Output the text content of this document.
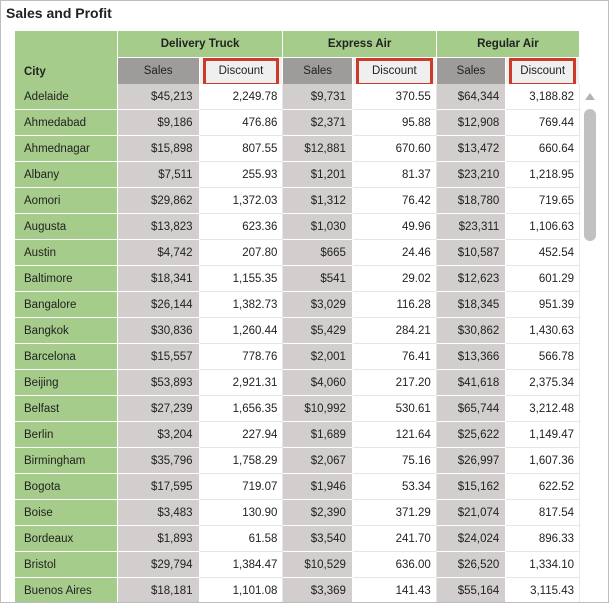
Sales and Profit
City	Delivery Truck		Express Air		Regular Air	
	Sales	Discount	Sales	Discount	Sales	Discount
Adelaide	$45,213	2,249.78	$9,731	370.55	$64,344	3,188.82
Ahmedabad	$9,186	476.86	$2,371	95.88	$12,908	769.44
Ahmednagar	$15,898	807.55	$12,881	670.60	$13,472	660.64
Albany	$7,511	255.93	$1,201	81.37	$23,210	1,218.95
Aomori	$29,862	1,372.03	$1,312	76.42	$18,780	719.65
Augusta	$13,823	623.36	$1,030	49.96	$23,311	1,106.63
Austin	$4,742	207.80	$665	24.46	$10,587	452.54
Baltimore	$18,341	1,155.35	$541	29.02	$12,623	601.29
Bangalore	$26,144	1,382.73	$3,029	116.28	$18,345	951.39
Bangkok	$30,836	1,260.44	$5,429	284.21	$30,862	1,430.63
Barcelona	$15,557	778.76	$2,001	76.41	$13,366	566.78
Beijing	$53,893	2,921.31	$4,060	217.20	$41,618	2,375.34
Belfast	$27,239	1,656.35	$10,992	530.61	$65,744	3,212.48
Berlin	$3,204	227.94	$1,689	121.64	$25,622	1,149.47
Birmingham	$35,796	1,758.29	$2,067	75.16	$26,997	1,607.36
Bogota	$17,595	719.07	$1,946	53.34	$15,162	622.52
Boise	$3,483	130.90	$2,390	371.29	$21,074	817.54
Bordeaux	$1,893	61.58	$3,540	241.70	$24,024	896.33
Bristol	$29,794	1,384.47	$10,529	636.00	$26,520	1,334.10
Buenos Aires	$18,181	1,101.08	$3,369	141.43	$55,164	3,115.43
